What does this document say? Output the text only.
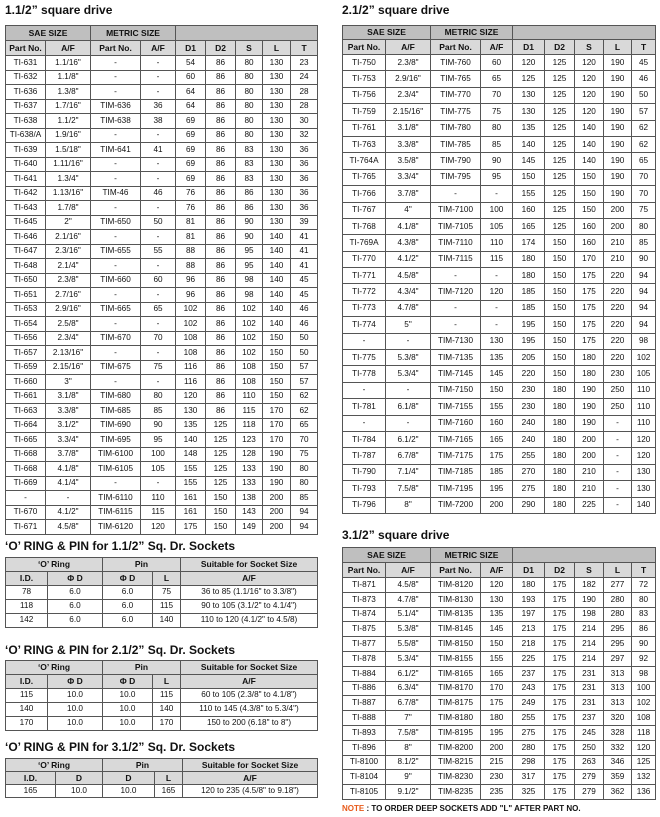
1.1/2” square drive
SAE SIZE		METRIC SIZE						
Part No.	A/F	Part No.	A/F	D1	D2	S	L	T
TI-631	1.1/16"	-	-	54	86	80	130	23
TI-632	1.1/8"	-	-	60	86	80	130	24
TI-636	1.3/8"	-	-	64	86	80	130	28
TI-637	1.7/16"	TIM-636	36	64	86	80	130	28
TI-638	1.1/2"	TIM-638	38	69	86	80	130	30
TI-638/A	1.9/16"	-	-	69	86	80	130	32
TI-639	1.5/18"	TIM-641	41	69	86	83	130	36
TI-640	1.11/16"	-	-	69	86	83	130	36
TI-641	1.3/4"	-	-	69	86	83	130	36
TI-642	1.13/16"	TIM-46	46	76	86	86	130	36
TI-643	1.7/8"	-	-	76	86	86	130	36
TI-645	2"	TIM-650	50	81	86	90	130	39
TI-646	2.1/16"	-	-	81	86	90	140	41
TI-647	2.3/16"	TIM-655	55	88	86	95	140	41
TI-648	2.1/4"	-	-	88	86	95	140	41
TI-650	2.3/8"	TIM-660	60	96	86	98	140	45
TI-651	2.7/16"	-	-	96	86	98	140	45
TI-653	2.9/16"	TIM-665	65	102	86	102	140	46
TI-654	2.5/8"	-	-	102	86	102	140	46
TI-656	2.3/4"	TIM-670	70	108	86	102	150	50
TI-657	2.13/16"	-	-	108	86	102	150	50
TI-659	2.15/16"	TIM-675	75	116	86	108	150	57
TI-660	3"	-	-	116	86	108	150	57
TI-661	3.1/8"	TIM-680	80	120	86	110	150	62
TI-663	3.3/8"	TIM-685	85	130	86	115	170	62
TI-664	3.1/2"	TIM-690	90	135	125	118	170	65
TI-665	3.3/4"	TIM-695	95	140	125	123	170	70
TI-668	3.7/8"	TIM-6100	100	148	125	128	190	75
TI-668	4.1/8"	TIM-6105	105	155	125	133	190	80
TI-669	4.1/4"	-	-	155	125	133	190	80
-	-	TIM-6110	110	161	150	138	200	85
TI-670	4.1/2"	TIM-6115	115	161	150	143	200	94
TI-671	4.5/8"	TIM-6120	120	175	150	149	200	94
2.1/2” square drive
SAE SIZE		METRIC SIZE						
Part No.	A/F	Part No.	A/F	D1	D2	S	L	T
TI-750	2.3/8"	TIM-760	60	120	125	120	190	45
TI-753	2.9/16"	TIM-765	65	125	125	120	190	46
TI-756	2.3/4"	TIM-770	70	130	125	120	190	50
TI-759	2.15/16"	TIM-775	75	130	125	120	190	57
TI-761	3.1/8"	TIM-780	80	135	125	140	190	62
TI-763	3.3/8"	TIM-785	85	140	125	140	190	62
TI-764A	3.5/8"	TIM-790	90	145	125	140	190	65
TI-765	3.3/4"	TIM-795	95	150	125	150	190	70
TI-766	3.7/8"	-	-	155	125	150	190	70
TI-767	4"	TIM-7100	100	160	125	150	200	75
TI-768	4.1/8"	TIM-7105	105	165	125	160	200	80
TI-769A	4.3/8"	TIM-7110	110	174	150	160	210	85
TI-770	4.1/2"	TIM-7115	115	180	150	170	210	90
TI-771	4.5/8"	-	-	180	150	175	220	94
TI-772	4.3/4"	TIM-7120	120	185	150	175	220	94
TI-773	4.7/8"	-	-	185	150	175	220	94
TI-774	5"	-	-	195	150	175	220	94
-	-	TIM-7130	130	195	150	175	220	98
TI-775	5.3/8"	TIM-7135	135	205	150	180	220	102
TI-778	5.3/4"	TIM-7145	145	220	150	180	230	105
-	-	TIM-7150	150	230	180	190	250	110
TI-781	6.1/8"	TIM-7155	155	230	180	190	250	110
-	-	TIM-7160	160	240	180	190	-	110
TI-784	6.1/2"	TIM-7165	165	240	180	200	-	120
TI-787	6.7/8"	TIM-7175	175	255	180	200	-	120
TI-790	7.1/4"	TIM-7185	185	270	180	210	-	130
TI-793	7.5/8"	TIM-7195	195	275	180	210	-	130
TI-796	8"	TIM-7200	200	290	180	225	-	140
3.1/2” square drive
SAE SIZE		METRIC SIZE						
Part No.	A/F	Part No.	A/F	D1	D2	S	L	T
TI-871	4.5/8"	TIM-8120	120	180	175	182	277	72
TI-873	4.7/8"	TIM-8130	130	193	175	190	280	80
TI-874	5.1/4"	TIM-8135	135	197	175	198	280	83
TI-875	5.3/8"	TIM-8145	145	213	175	214	295	86
TI-877	5.5/8"	TIM-8150	150	218	175	214	295	90
TI-878	5.3/4"	TIM-8155	155	225	175	214	297	92
TI-884	6.1/2"	TIM-8165	165	237	175	231	313	98
TI-886	6.3/4"	TIM-8170	170	243	175	231	313	100
TI-887	6.7/8"	TIM-8175	175	249	175	231	313	102
TI-888	7"	TIM-8180	180	255	175	237	320	108
TI-893	7.5/8"	TIM-8195	195	275	175	245	328	118
TI-896	8"	TIM-8200	200	280	175	250	332	120
TI-8100	8.1/2"	TIM-8215	215	298	175	263	346	125
TI-8104	9"	TIM-8230	230	317	175	279	359	132
TI-8105	9.1/2"	TIM-8235	235	325	175	279	362	136
NOTE : TO ORDER DEEP SOCKETS ADD "L" AFTER PART NO.
‘O’ RING & PIN for 1.1/2” Sq. Dr. Sockets
‘O’ Ring		Pin		Suitable for Socket Size
I.D.	Φ D	Φ D	L	A/F
78	6.0	6.0	75	36 to 85 (1.1/16" to 3.3/8")
118	6.0	6.0	115	90 to 105 (3.1/2" to 4.1/4")
142	6.0	6.0	140	110 to 120 (4.1/2" to 4.5/8)
‘O’ RING & PIN for 2.1/2” Sq. Dr. Sockets
‘O’ Ring		Pin		Suitable for Socket Size
I.D.	Φ D	Φ D	L	A/F
115	10.0	10.0	115	60 to 105 (2.3/8" to 4.1/8")
140	10.0	10.0	140	110 to 145 (4.3/8" to 5.3/4")
170	10.0	10.0	170	150 to 200 (6.18" to 8")
‘O’ RING & PIN for 3.1/2” Sq. Dr. Sockets
‘O’ Ring		Pin		Suitable for Socket Size
I.D.	D	D	L	A/F
165	10.0	10.0	165	120 to 235 (4.5/8" to 9.18")
